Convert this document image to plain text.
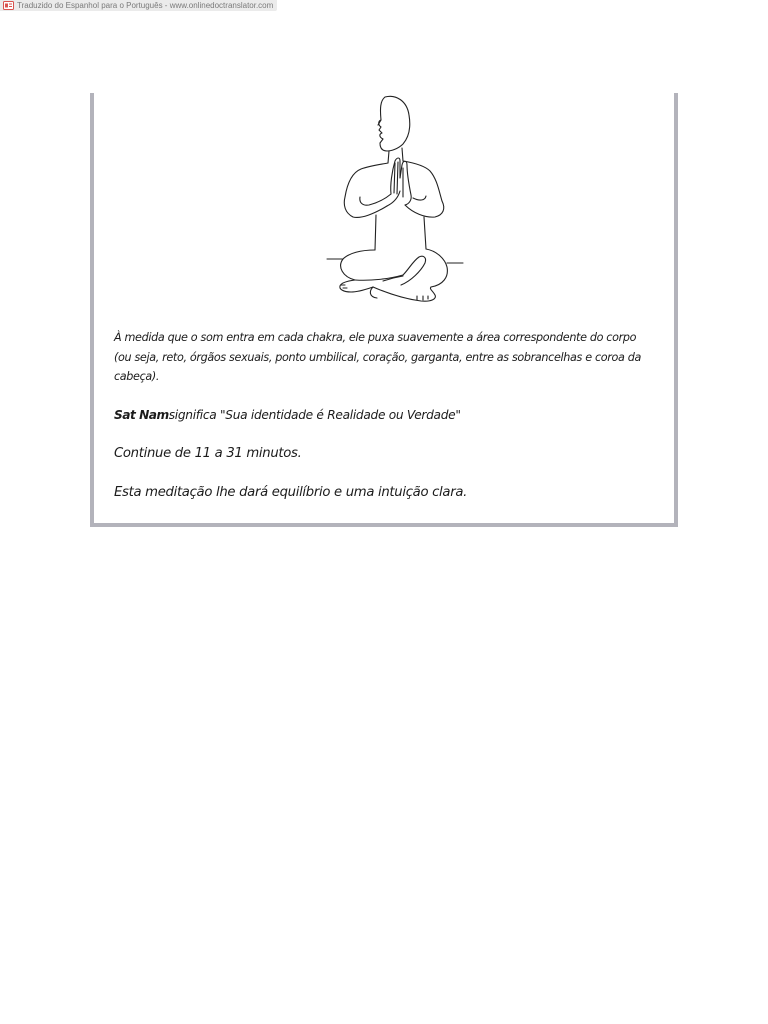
Traduzido do Espanhol para o Português - www.onlinedoctranslator.com

À medida que o som entra em cada chakra, ele puxa suavemente a área correspondente do corpo (ou seja, reto, órgãos sexuais, ponto umbilical, coração, garganta, entre as sobrancelhas e coroa da cabeça).

Sat Namsignifica "Sua identidade é Realidade ou Verdade"

Continue de 11 a 31 minutos.

Esta meditação lhe dará equilíbrio e uma intuição clara.
